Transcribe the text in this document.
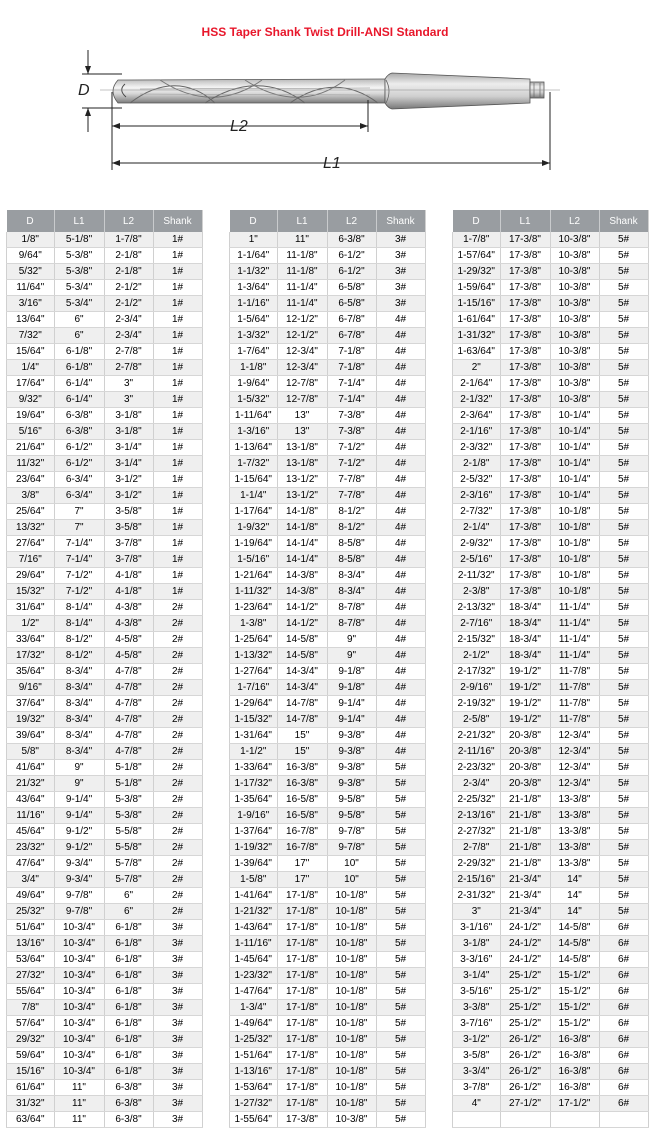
HSS Taper Shank Twist Drill-ANSI Standard
D
L2
L1
D	L1	L2	Shank
1/8"	5-1/8"	1-7/8"	1#
9/64"	5-3/8"	2-1/8"	1#
5/32"	5-3/8"	2-1/8"	1#
11/64"	5-3/4"	2-1/2"	1#
3/16"	5-3/4"	2-1/2"	1#
13/64"	6"	2-3/4"	1#
7/32"	6"	2-3/4"	1#
15/64"	6-1/8"	2-7/8"	1#
1/4"	6-1/8"	2-7/8"	1#
17/64"	6-1/4"	3"	1#
9/32"	6-1/4"	3"	1#
19/64"	6-3/8"	3-1/8"	1#
5/16"	6-3/8"	3-1/8"	1#
21/64"	6-1/2"	3-1/4"	1#
11/32"	6-1/2"	3-1/4"	1#
23/64"	6-3/4"	3-1/2"	1#
3/8"	6-3/4"	3-1/2"	1#
25/64"	7"	3-5/8"	1#
13/32"	7"	3-5/8"	1#
27/64"	7-1/4"	3-7/8"	1#
7/16"	7-1/4"	3-7/8"	1#
29/64"	7-1/2"	4-1/8"	1#
15/32"	7-1/2"	4-1/8"	1#
31/64"	8-1/4"	4-3/8"	2#
1/2"	8-1/4"	4-3/8"	2#
33/64"	8-1/2"	4-5/8"	2#
17/32"	8-1/2"	4-5/8"	2#
35/64"	8-3/4"	4-7/8"	2#
9/16"	8-3/4"	4-7/8"	2#
37/64"	8-3/4"	4-7/8"	2#
19/32"	8-3/4"	4-7/8"	2#
39/64"	8-3/4"	4-7/8"	2#
5/8"	8-3/4"	4-7/8"	2#
41/64"	9"	5-1/8"	2#
21/32"	9"	5-1/8"	2#
43/64"	9-1/4"	5-3/8"	2#
11/16"	9-1/4"	5-3/8"	2#
45/64"	9-1/2"	5-5/8"	2#
23/32"	9-1/2"	5-5/8"	2#
47/64"	9-3/4"	5-7/8"	2#
3/4"	9-3/4"	5-7/8"	2#
49/64"	9-7/8"	6"	2#
25/32"	9-7/8"	6"	2#
51/64"	10-3/4"	6-1/8"	3#
13/16"	10-3/4"	6-1/8"	3#
53/64"	10-3/4"	6-1/8"	3#
27/32"	10-3/4"	6-1/8"	3#
55/64"	10-3/4"	6-1/8"	3#
7/8"	10-3/4"	6-1/8"	3#
57/64"	10-3/4"	6-1/8"	3#
29/32"	10-3/4"	6-1/8"	3#
59/64"	10-3/4"	6-1/8"	3#
15/16"	10-3/4"	6-1/8"	3#
61/64"	11"	6-3/8"	3#
31/32"	11"	6-3/8"	3#
63/64"	11"	6-3/8"	3#
D	L1	L2	Shank
1"	11"	6-3/8"	3#
1-1/64"	11-1/8"	6-1/2"	3#
1-1/32"	11-1/8"	6-1/2"	3#
1-3/64"	11-1/4"	6-5/8"	3#
1-1/16"	11-1/4"	6-5/8"	3#
1-5/64"	12-1/2"	6-7/8"	4#
1-3/32"	12-1/2"	6-7/8"	4#
1-7/64"	12-3/4"	7-1/8"	4#
1-1/8"	12-3/4"	7-1/8"	4#
1-9/64"	12-7/8"	7-1/4"	4#
1-5/32"	12-7/8"	7-1/4"	4#
1-11/64"	13"	7-3/8"	4#
1-3/16"	13"	7-3/8"	4#
1-13/64"	13-1/8"	7-1/2"	4#
1-7/32"	13-1/8"	7-1/2"	4#
1-15/64"	13-1/2"	7-7/8"	4#
1-1/4"	13-1/2"	7-7/8"	4#
1-17/64"	14-1/8"	8-1/2"	4#
1-9/32"	14-1/8"	8-1/2"	4#
1-19/64"	14-1/4"	8-5/8"	4#
1-5/16"	14-1/4"	8-5/8"	4#
1-21/64"	14-3/8"	8-3/4"	4#
1-11/32"	14-3/8"	8-3/4"	4#
1-23/64"	14-1/2"	8-7/8"	4#
1-3/8"	14-1/2"	8-7/8"	4#
1-25/64"	14-5/8"	9"	4#
1-13/32"	14-5/8"	9"	4#
1-27/64"	14-3/4"	9-1/8"	4#
1-7/16"	14-3/4"	9-1/8"	4#
1-29/64"	14-7/8"	9-1/4"	4#
1-15/32"	14-7/8"	9-1/4"	4#
1-31/64"	15"	9-3/8"	4#
1-1/2"	15"	9-3/8"	4#
1-33/64"	16-3/8"	9-3/8"	5#
1-17/32"	16-3/8"	9-3/8"	5#
1-35/64"	16-5/8"	9-5/8"	5#
1-9/16"	16-5/8"	9-5/8"	5#
1-37/64"	16-7/8"	9-7/8"	5#
1-19/32"	16-7/8"	9-7/8"	5#
1-39/64"	17"	10"	5#
1-5/8"	17"	10"	5#
1-41/64"	17-1/8"	10-1/8"	5#
1-21/32"	17-1/8"	10-1/8"	5#
1-43/64"	17-1/8"	10-1/8"	5#
1-11/16"	17-1/8"	10-1/8"	5#
1-45/64"	17-1/8"	10-1/8"	5#
1-23/32"	17-1/8"	10-1/8"	5#
1-47/64"	17-1/8"	10-1/8"	5#
1-3/4"	17-1/8"	10-1/8"	5#
1-49/64"	17-1/8"	10-1/8"	5#
1-25/32"	17-1/8"	10-1/8"	5#
1-51/64"	17-1/8"	10-1/8"	5#
1-13/16"	17-1/8"	10-1/8"	5#
1-53/64"	17-1/8"	10-1/8"	5#
1-27/32"	17-1/8"	10-1/8"	5#
1-55/64"	17-3/8"	10-3/8"	5#
D	L1	L2	Shank
1-7/8"	17-3/8"	10-3/8"	5#
1-57/64"	17-3/8"	10-3/8"	5#
1-29/32"	17-3/8"	10-3/8"	5#
1-59/64"	17-3/8"	10-3/8"	5#
1-15/16"	17-3/8"	10-3/8"	5#
1-61/64"	17-3/8"	10-3/8"	5#
1-31/32"	17-3/8"	10-3/8"	5#
1-63/64"	17-3/8"	10-3/8"	5#
2"	17-3/8"	10-3/8"	5#
2-1/64"	17-3/8"	10-3/8"	5#
2-1/32"	17-3/8"	10-3/8"	5#
2-3/64"	17-3/8"	10-1/4"	5#
2-1/16"	17-3/8"	10-1/4"	5#
2-3/32"	17-3/8"	10-1/4"	5#
2-1/8"	17-3/8"	10-1/4"	5#
2-5/32"	17-3/8"	10-1/4"	5#
2-3/16"	17-3/8"	10-1/4"	5#
2-7/32"	17-3/8"	10-1/8"	5#
2-1/4"	17-3/8"	10-1/8"	5#
2-9/32"	17-3/8"	10-1/8"	5#
2-5/16"	17-3/8"	10-1/8"	5#
2-11/32"	17-3/8"	10-1/8"	5#
2-3/8"	17-3/8"	10-1/8"	5#
2-13/32"	18-3/4"	11-1/4"	5#
2-7/16"	18-3/4"	11-1/4"	5#
2-15/32"	18-3/4"	11-1/4"	5#
2-1/2"	18-3/4"	11-1/4"	5#
2-17/32"	19-1/2"	11-7/8"	5#
2-9/16"	19-1/2"	11-7/8"	5#
2-19/32"	19-1/2"	11-7/8"	5#
2-5/8"	19-1/2"	11-7/8"	5#
2-21/32"	20-3/8"	12-3/4"	5#
2-11/16"	20-3/8"	12-3/4"	5#
2-23/32"	20-3/8"	12-3/4"	5#
2-3/4"	20-3/8"	12-3/4"	5#
2-25/32"	21-1/8"	13-3/8"	5#
2-13/16"	21-1/8"	13-3/8"	5#
2-27/32"	21-1/8"	13-3/8"	5#
2-7/8"	21-1/8"	13-3/8"	5#
2-29/32"	21-1/8"	13-3/8"	5#
2-15/16"	21-3/4"	14"	5#
2-31/32"	21-3/4"	14"	5#
3"	21-3/4"	14"	5#
3-1/16"	24-1/2"	14-5/8"	6#
3-1/8"	24-1/2"	14-5/8"	6#
3-3/16"	24-1/2"	14-5/8"	6#
3-1/4"	25-1/2"	15-1/2"	6#
3-5/16"	25-1/2"	15-1/2"	6#
3-3/8"	25-1/2"	15-1/2"	6#
3-7/16"	25-1/2"	15-1/2"	6#
3-1/2"	26-1/2"	16-3/8"	6#
3-5/8"	26-1/2"	16-3/8"	6#
3-3/4"	26-1/2"	16-3/8"	6#
3-7/8"	26-1/2"	16-3/8"	6#
4"	27-1/2"	17-1/2"	6#
